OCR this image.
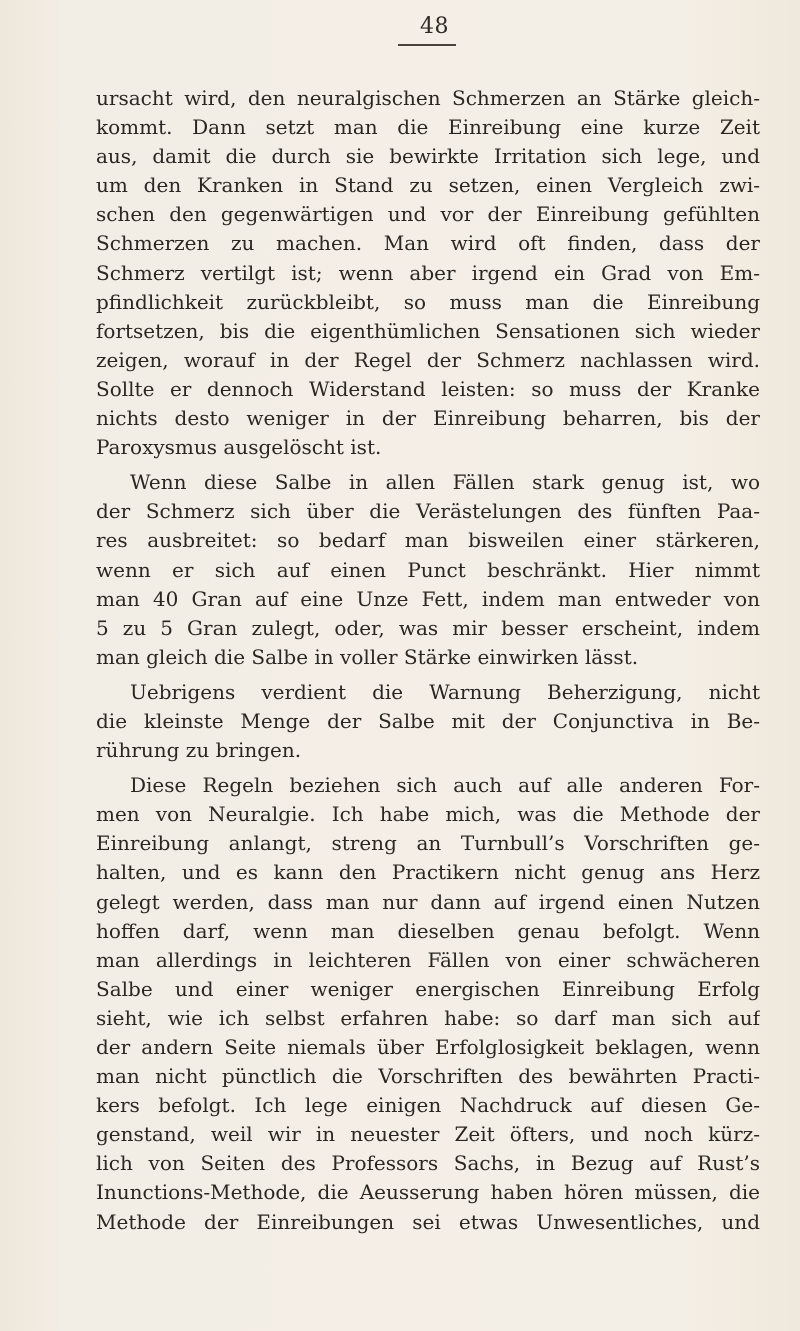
48
ursacht wird, den neuralgischen Schmerzen an Stärke gleich-
kommt. Dann setzt man die Einreibung eine kurze Zeit
aus, damit die durch sie bewirkte Irritation sich lege, und
um den Kranken in Stand zu setzen, einen Vergleich zwi-
schen den gegenwärtigen und vor der Einreibung gefühlten
Schmerzen zu machen. Man wird oft finden, dass der
Schmerz vertilgt ist; wenn aber irgend ein Grad von Em-
pfindlichkeit zurückbleibt, so muss man die Einreibung
fortsetzen, bis die eigenthümlichen Sensationen sich wieder
zeigen, worauf in der Regel der Schmerz nachlassen wird.
Sollte er dennoch Widerstand leisten: so muss der Kranke
nichts desto weniger in der Einreibung beharren, bis der
Paroxysmus ausgelöscht ist.
Wenn diese Salbe in allen Fällen stark genug ist, wo
der Schmerz sich über die Verästelungen des fünften Paa-
res ausbreitet: so bedarf man bisweilen einer stärkeren,
wenn er sich auf einen Punct beschränkt. Hier nimmt
man 40 Gran auf eine Unze Fett, indem man entweder von
5 zu 5 Gran zulegt, oder, was mir besser erscheint, indem
man gleich die Salbe in voller Stärke einwirken lässt.
Uebrigens verdient die Warnung Beherzigung, nicht
die kleinste Menge der Salbe mit der Conjunctiva in Be-
rührung zu bringen.
Diese Regeln beziehen sich auch auf alle anderen For-
men von Neuralgie. Ich habe mich, was die Methode der
Einreibung anlangt, streng an Turnbull’s Vorschriften ge-
halten, und es kann den Practikern nicht genug ans Herz
gelegt werden, dass man nur dann auf irgend einen Nutzen
hoffen darf, wenn man dieselben genau befolgt. Wenn
man allerdings in leichteren Fällen von einer schwächeren
Salbe und einer weniger energischen Einreibung Erfolg
sieht, wie ich selbst erfahren habe: so darf man sich auf
der andern Seite niemals über Erfolglosigkeit beklagen, wenn
man nicht pünctlich die Vorschriften des bewährten Practi-
kers befolgt. Ich lege einigen Nachdruck auf diesen Ge-
genstand, weil wir in neuester Zeit öfters, und noch kürz-
lich von Seiten des Professors Sachs, in Bezug auf Rust’s
Inunctions-Methode, die Aeusserung haben hören müssen, die
Methode der Einreibungen sei etwas Unwesentliches, und
